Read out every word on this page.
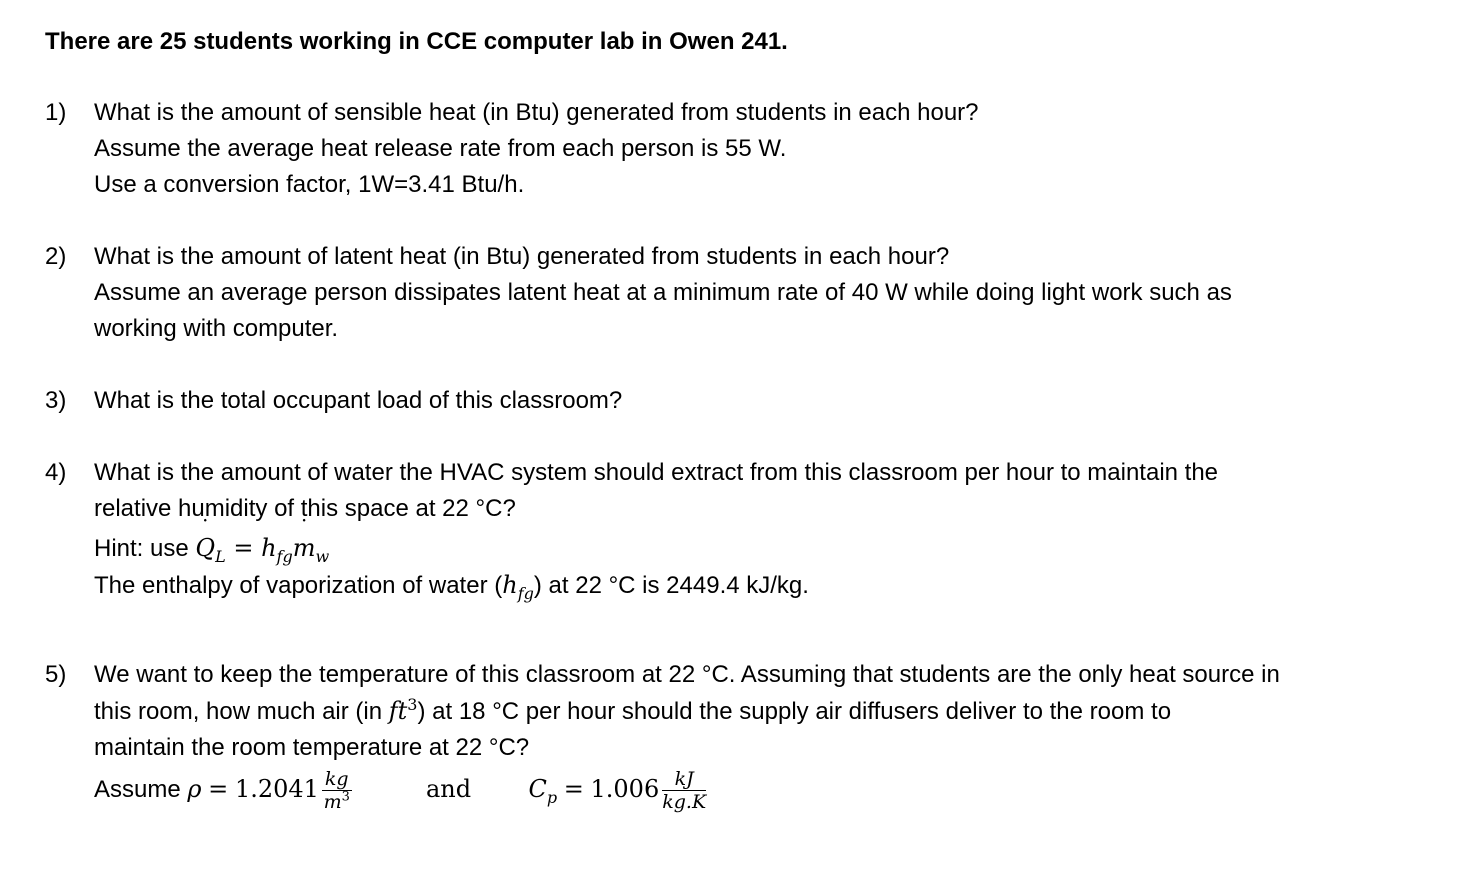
There are 25 students working in CCE computer lab in Owen 241.
1) What is the amount of sensible heat (in Btu) generated from students in each hour?
Assume the average heat release rate from each person is 55 W.
Use a conversion factor, 1W=3.41 Btu/h.
2) What is the amount of latent heat (in Btu) generated from students in each hour?
Assume an average person dissipates latent heat at a minimum rate of 40 W while doing light work such as
working with computer.
3) What is the total occupant load of this classroom?
4) What is the amount of water the HVAC system should extract from this classroom per hour to maintain the
relative humidity of this space at 22 °C?
Hint: use ˙ $Q_L$ = $h_{fg}˙$ $m_w$
The enthalpy of vaporization of water $(h_{fg})$ at 22 °C is 2449.4 kJ/kg.
5) We want to keep the temperature of this classroom at 22 °C. Assuming that students are the only heat source in
this room, how much air (in $ft^3$) at 18 °C per hour should the supply air diffusers deliver to the room to
maintain the room temperature at 22 °C?
Assume $\rho = 1.2041 \frac{kg}{m^3}$	and $C_p = 1.006 \frac{kJ}{kg.K}$
